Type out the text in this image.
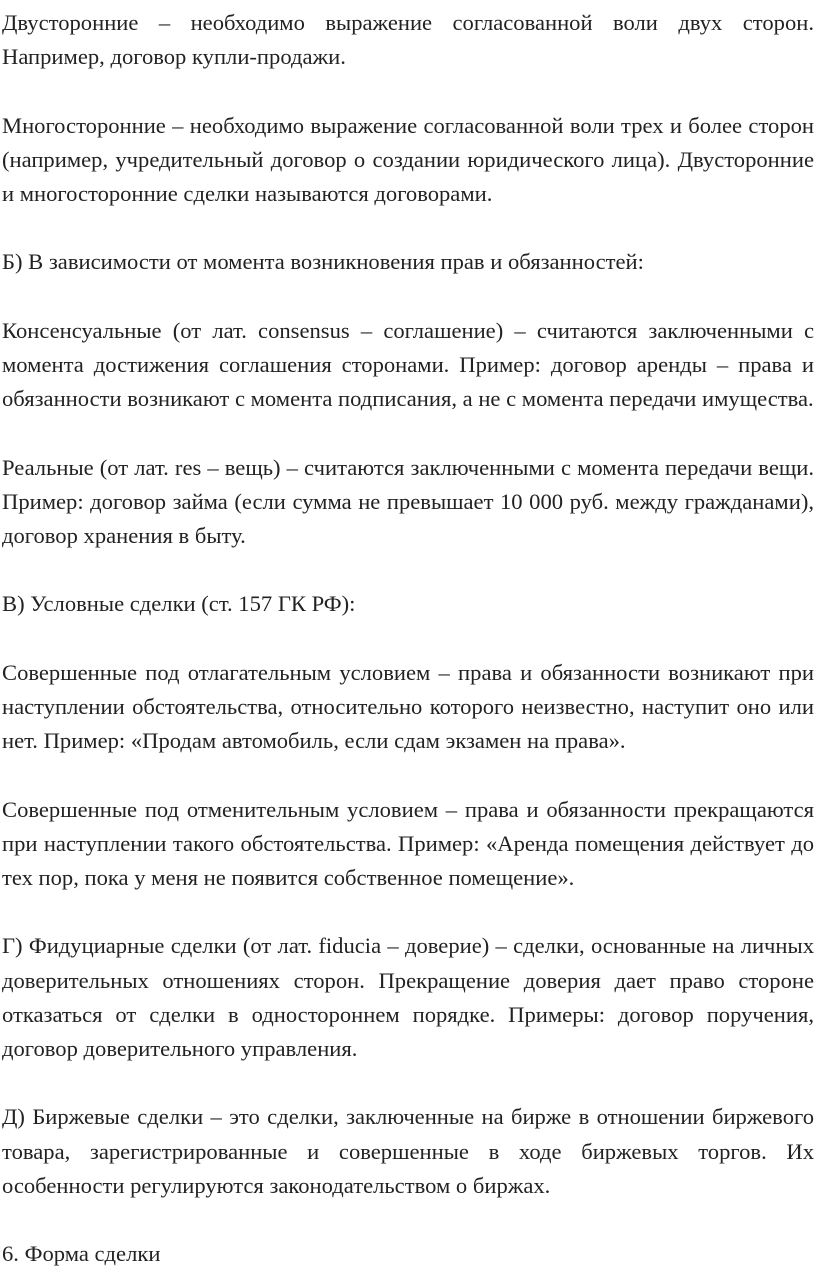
Двусторонние – необходимо выражение согласованной воли двух сторон. Например, договор купли-продажи.

Многосторонние – необходимо выражение согласованной воли трех и более сторон (например, учредительный договор о создании юридического лица). Двусторонние и многосторонние сделки называются договорами.

Б) В зависимости от момента возникновения прав и обязанностей:

Консенсуальные (от лат. consensus – соглашение) – считаются заключенными с момента достижения соглашения сторонами. Пример: договор аренды – права и обязанности возникают с момента подписания, а не с момента передачи имущества.

Реальные (от лат. res – вещь) – считаются заключенными с момента передачи вещи. Пример: договор займа (если сумма не превышает 10 000 руб. между гражданами), договор хранения в быту.

В) Условные сделки (ст. 157 ГК РФ):

Совершенные под отлагательным условием – права и обязанности возникают при наступлении обстоятельства, относительно которого неизвестно, наступит оно или нет. Пример: «Продам автомобиль, если сдам экзамен на права».

Совершенные под отменительным условием – права и обязанности прекращаются при наступлении такого обстоятельства. Пример: «Аренда помещения действует до тех пор, пока у меня не появится собственное помещение».

Г) Фидуциарные сделки (от лат. fiducia – доверие) – сделки, основанные на личных доверительных отношениях сторон. Прекращение доверия дает право стороне отказаться от сделки в одностороннем порядке. Примеры: договор поручения, договор доверительного управления.

Д) Биржевые сделки – это сделки, заключенные на бирже в отношении биржевого товара, зарегистрированные и совершенные в ходе биржевых торгов. Их особенности регулируются законодательством о биржах.

6. Форма сделки
